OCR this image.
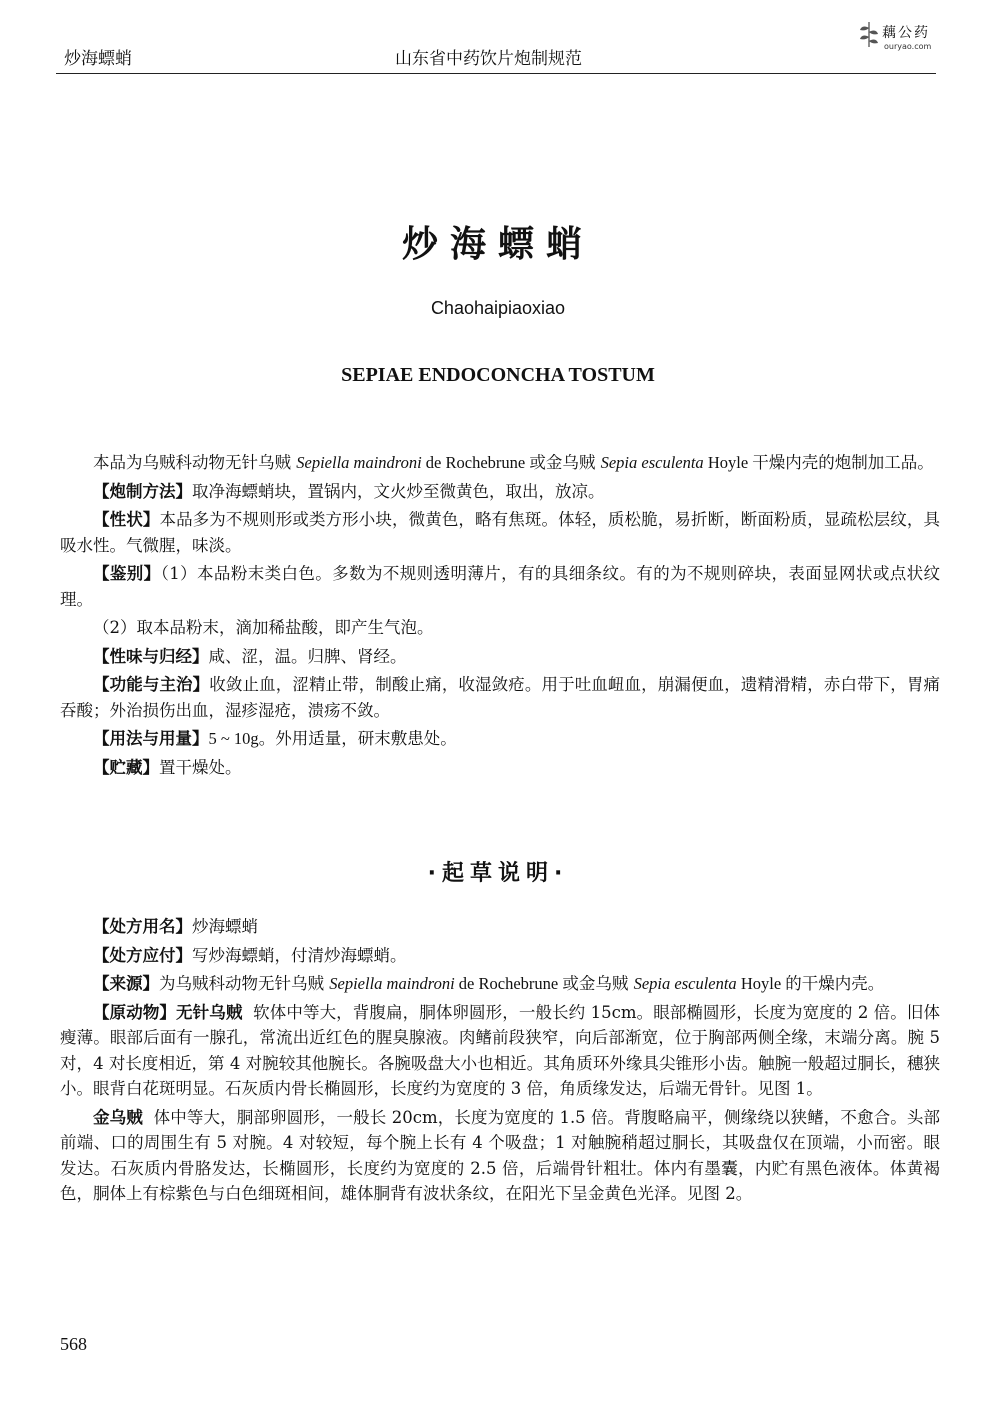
炒海螵蛸	山东省中药饮片炮制规范
藕公药
ouryao.com
炒海螵蛸
Chaohaipiaoxiao
SEPIAE ENDOCONCHA TOSTUM

本品为乌贼科动物无针乌贼 Sepiella maindroni de Rochebrune 或金乌贼 Sepia esculenta Hoyle 干燥内壳的炮制加工品。

【炮制方法】取净海螵蛸块，置锅内，文火炒至微黄色，取出，放凉。

【性状】本品多为不规则形或类方形小块，微黄色，略有焦斑。体轻，质松脆，易折断，断面粉质，显疏松层纹，具吸水性。气微腥，味淡。

【鉴别】（1）本品粉末类白色。多数为不规则透明薄片，有的具细条纹。有的为不规则碎块，表面显网状或点状纹理。

（2）取本品粉末，滴加稀盐酸，即产生气泡。

【性味与归经】咸、涩，温。归脾、肾经。

【功能与主治】收敛止血，涩精止带，制酸止痛，收湿敛疮。用于吐血衄血，崩漏便血，遗精滑精，赤白带下，胃痛吞酸；外治损伤出血，湿疹湿疮，溃疡不敛。

【用法与用量】5 ~ 10g。外用适量，研末敷患处。

【贮藏】置干燥处。

·起草说明·

【处方用名】炒海螵蛸

【处方应付】写炒海螵蛸，付清炒海螵蛸。

【来源】为乌贼科动物无针乌贼 Sepiella maindroni de Rochebrune 或金乌贼 Sepia esculenta Hoyle 的干燥内壳。

【原动物】无针乌贼 软体中等大，背腹扁，胴体卵圆形，一般长约 15cm。眼部椭圆形，长度为宽度的 2 倍。旧体瘦薄。眼部后面有一腺孔，常流出近红色的腥臭腺液。肉鳍前段狭窄，向后部渐宽，位于胸部两侧全缘，末端分离。腕 5 对，4 对长度相近，第 4 对腕较其他腕长。各腕吸盘大小也相近。其角质环外缘具尖锥形小齿。触腕一般超过胴长，穗狭小。眼背白花斑明显。石灰质内骨长椭圆形，长度约为宽度的 3 倍，角质缘发达，后端无骨针。见图 1。

金乌贼 体中等大，胴部卵圆形，一般长 20cm，长度为宽度的 1.5 倍。背腹略扁平，侧缘绕以狭鳍，不愈合。头部前端、口的周围生有 5 对腕。4 对较短，每个腕上长有 4 个吸盘；1 对触腕稍超过胴长，其吸盘仅在顶端，小而密。眼发达。石灰质内骨胳发达，长椭圆形，长度约为宽度的 2.5 倍，后端骨针粗壮。体内有墨囊，内贮有黑色液体。体黄褐色，胴体上有棕紫色与白色细斑相间，雄体胴背有波状条纹，在阳光下呈金黄色光泽。见图 2。

568
